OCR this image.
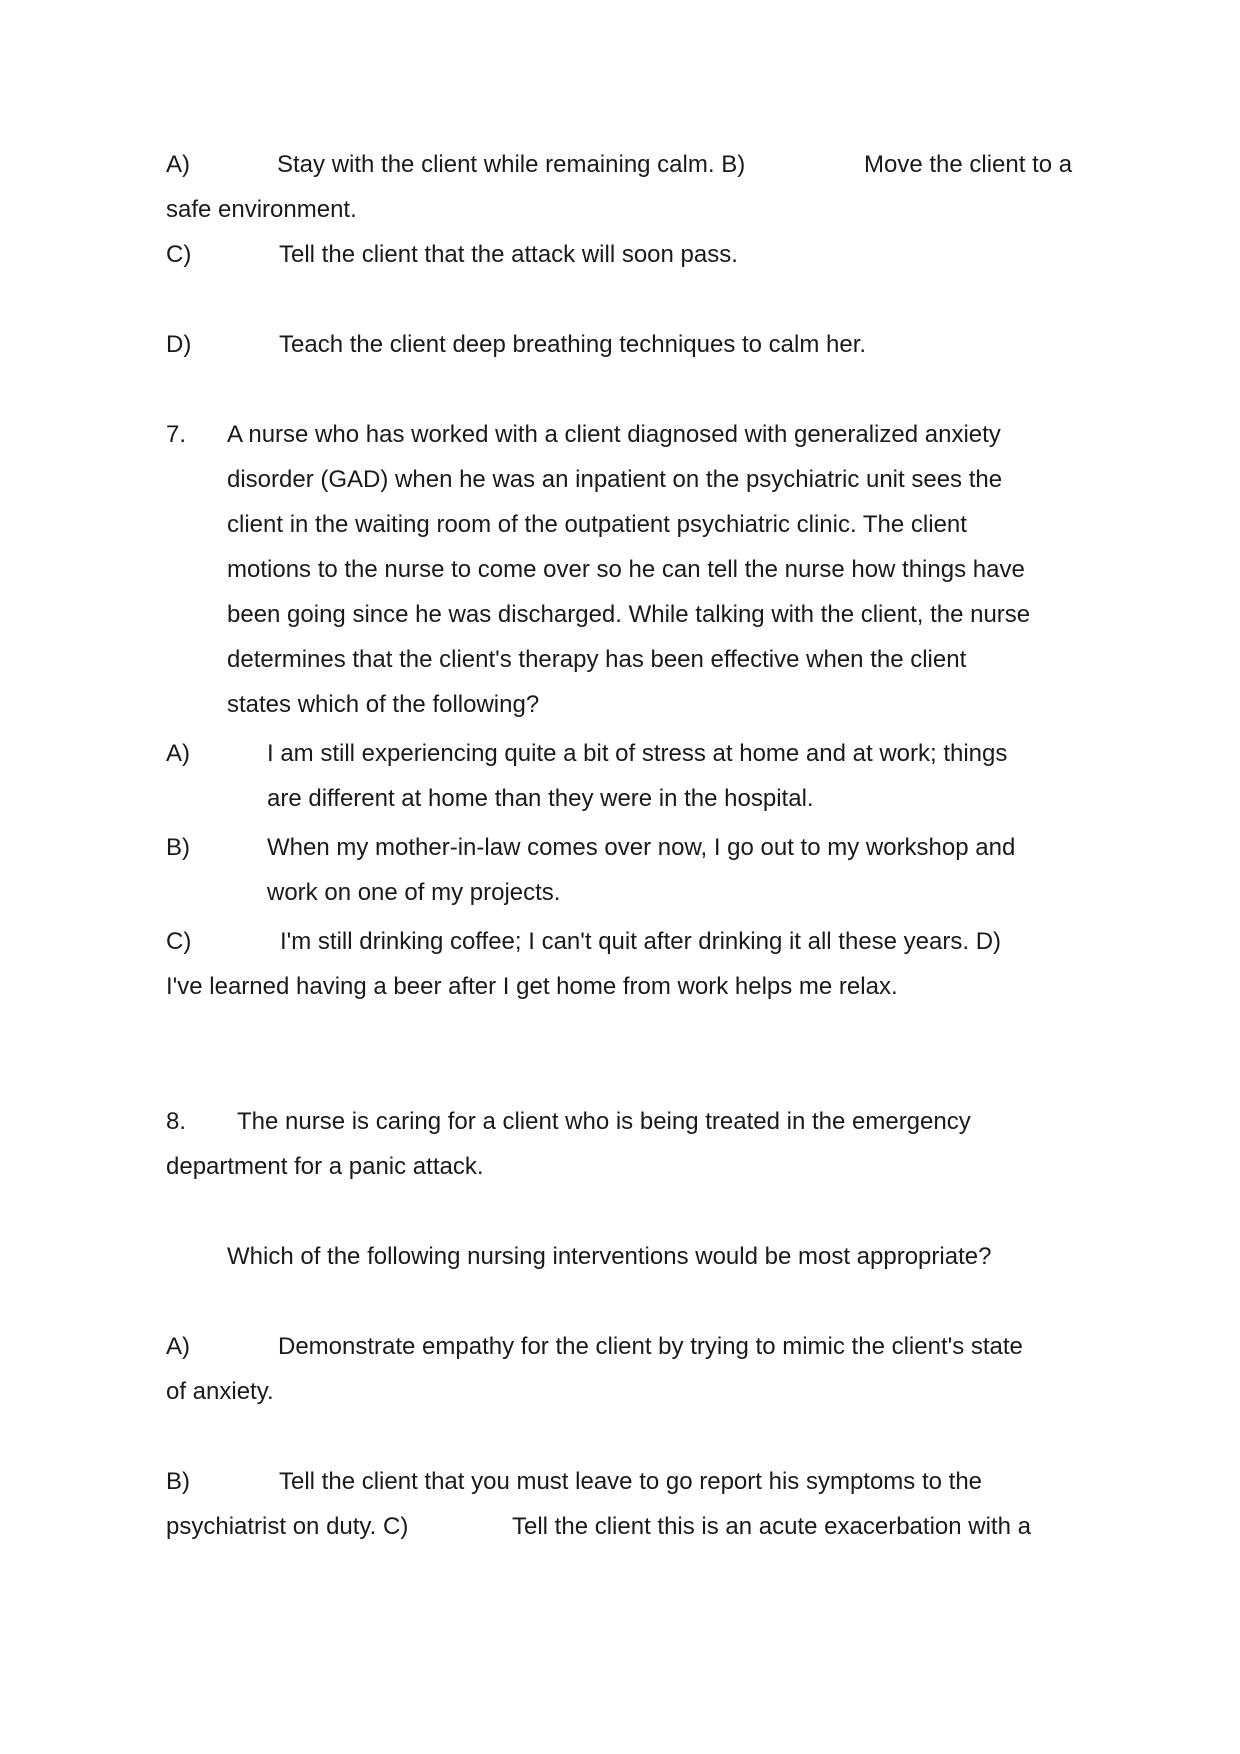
A)	Stay with the client while remaining calm. B)	Move the client to a
safe environment.
C)	Tell the client that the attack will soon pass.
D)	Teach the client deep breathing techniques to calm her.
7. A nurse who has worked with a client diagnosed with generalized anxiety
disorder (GAD) when he was an inpatient on the psychiatric unit sees the
client in the waiting room of the outpatient psychiatric clinic. The client
motions to the nurse to come over so he can tell the nurse how things have
been going since he was discharged. While talking with the client, the nurse
determines that the client's therapy has been effective when the client
states which of the following?
A)	I am still experiencing quite a bit of stress at home and at work; things
are different at home than they were in the hospital.
B)	When my mother-in-law comes over now, I go out to my workshop and
work on one of my projects.
C)	I'm still drinking coffee; I can't quit after drinking it all these years. D)
I've learned having a beer after I get home from work helps me relax.
8. The nurse is caring for a client who is being treated in the emergency
department for a panic attack.
Which of the following nursing interventions would be most appropriate?
A)	Demonstrate empathy for the client by trying to mimic the client's state
of anxiety.
B)	Tell the client that you must leave to go report his symptoms to the
psychiatrist on duty. C)	Tell the client this is an acute exacerbation with a
